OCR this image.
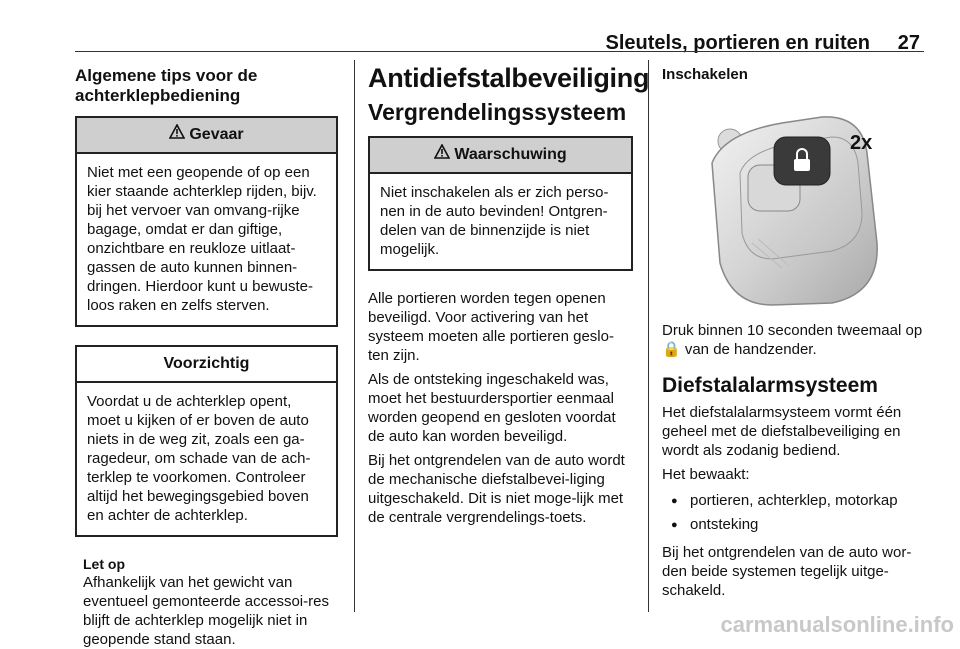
Sleutels, portieren en ruiten 27
Algemene tips voor de achterklepbediening
Gevaar
Niet met een geopende of op een kier staande achterklep rijden, bijv. bij het vervoer van omvang-rijke bagage, omdat er dan giftige, onzichtbare en reukloze uitlaat-gassen de auto kunnen binnen-dringen. Hierdoor kunt u bewuste-loos raken en zelfs sterven.
Voorzichtig
Voordat u de achterklep opent, moet u kijken of er boven de auto niets in de weg zit, zoals een ga-ragedeur, om schade van de ach-terklep te voorkomen. Controleer altijd het bewegingsgebied boven en achter de achterklep.
Let op
Afhankelijk van het gewicht van eventueel gemonteerde accessoi-res blijft de achterklep mogelijk niet in geopende stand staan.
Antidiefstalbeveiliging
Vergrendelingssysteem
Waarschuwing
Niet inschakelen als er zich perso-nen in de auto bevinden! Ontgren-delen van de binnenzijde is niet mogelijk.

Alle portieren worden tegen openen beveiligd. Voor activering van het systeem moeten alle portieren geslo-ten zijn.

Als de ontsteking ingeschakeld was, moet het bestuurdersportier eenmaal worden geopend en gesloten voordat de auto kan worden beveiligd.

Bij het ontgrendelen van de auto wordt de mechanische diefstalbevei-liging uitgeschakeld. Dit is niet moge-lijk met de centrale vergrendelings-toets.

Inschakelen
2x

Druk binnen 10 seconden tweemaal op 🔒 van de handzender.

Diefstalalarmsysteem

Het diefstalalarmsysteem vormt één geheel met de diefstalbeveiliging en wordt als zodanig bediend.

Het bewaakt:

● portieren, achterklep, motorkap
● ontsteking

Bij het ontgrendelen van de auto wor-den beide systemen tegelijk uitge-schakeld.

carmanualsonline.info
